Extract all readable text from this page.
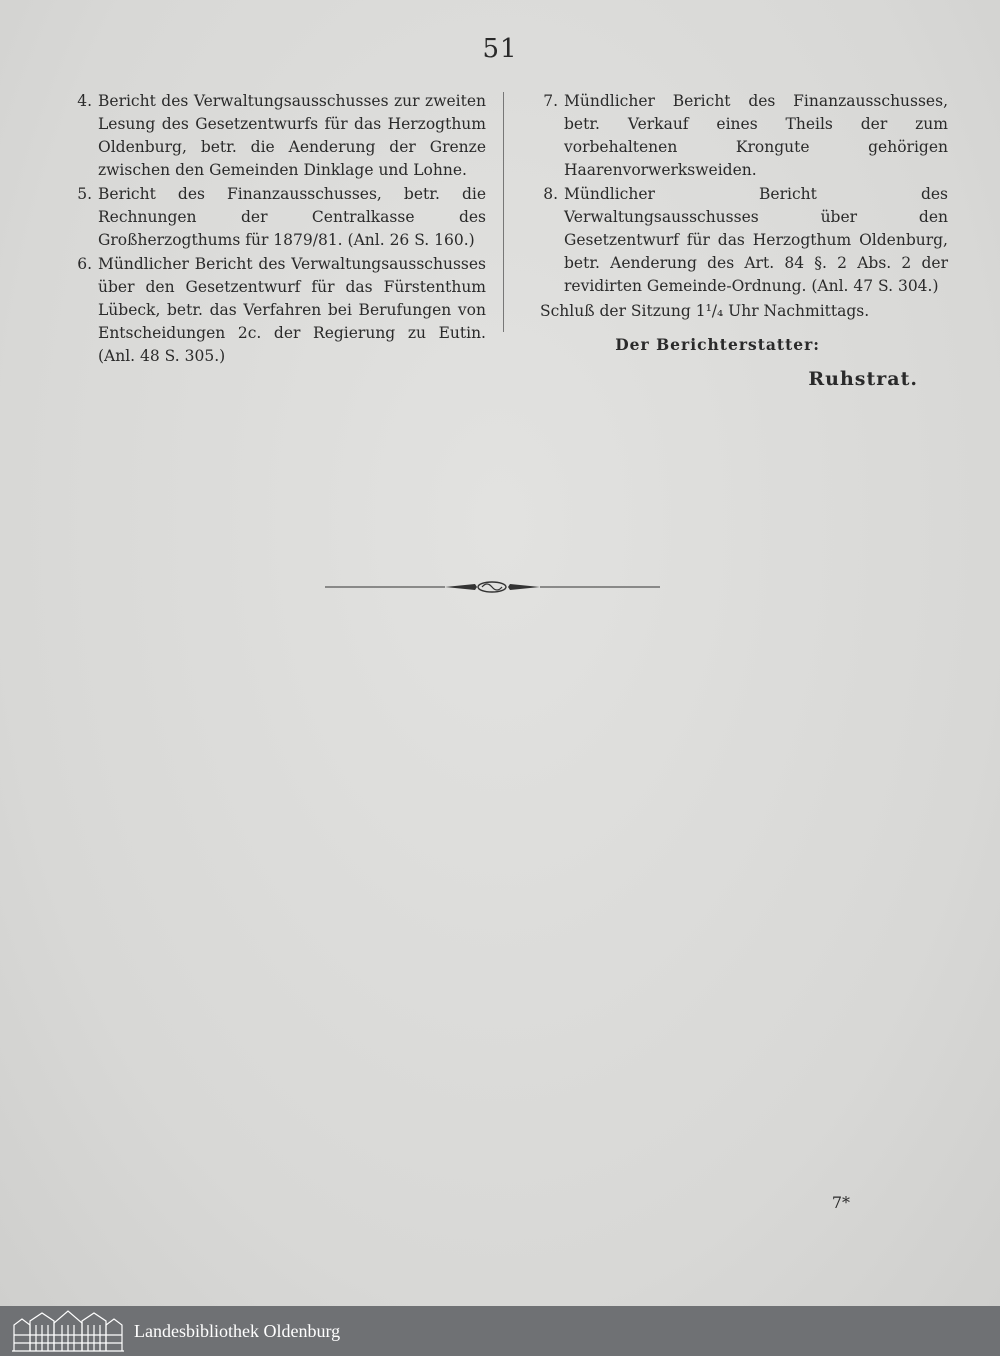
51
4. Bericht des Verwaltungsausschusses zur zweiten Lesung des Gesetzentwurfs für das Herzogthum Oldenburg, betr. die Aenderung der Grenze zwischen den Gemeinden Dinklage und Lohne.
5. Bericht des Finanzausschusses, betr. die Rechnungen der Centralkasse des Großherzogthums für 1879/81. (Anl. 26 S. 160.)
6. Mündlicher Bericht des Verwaltungsausschusses über den Gesetzentwurf für das Fürstenthum Lübeck, betr. das Verfahren bei Berufungen von Entscheidungen 2c. der Regierung zu Eutin. (Anl. 48 S. 305.)
7. Mündlicher Bericht des Finanzausschusses, betr. Verkauf eines Theils der zum vorbehaltenen Krongute gehörigen Haarenvorwerksweiden.
8. Mündlicher Bericht des Verwaltungsausschusses über den Gesetzentwurf für das Herzogthum Oldenburg, betr. Aenderung des Art. 84 §. 2 Abs. 2 der revidirten Gemeinde-Ordnung. (Anl. 47 S. 304.)
Schluß der Sitzung 1¹/₄ Uhr Nachmittags.
Der Berichterstatter:
Ruhstrat.
7*
Landesbibliothek Oldenburg
